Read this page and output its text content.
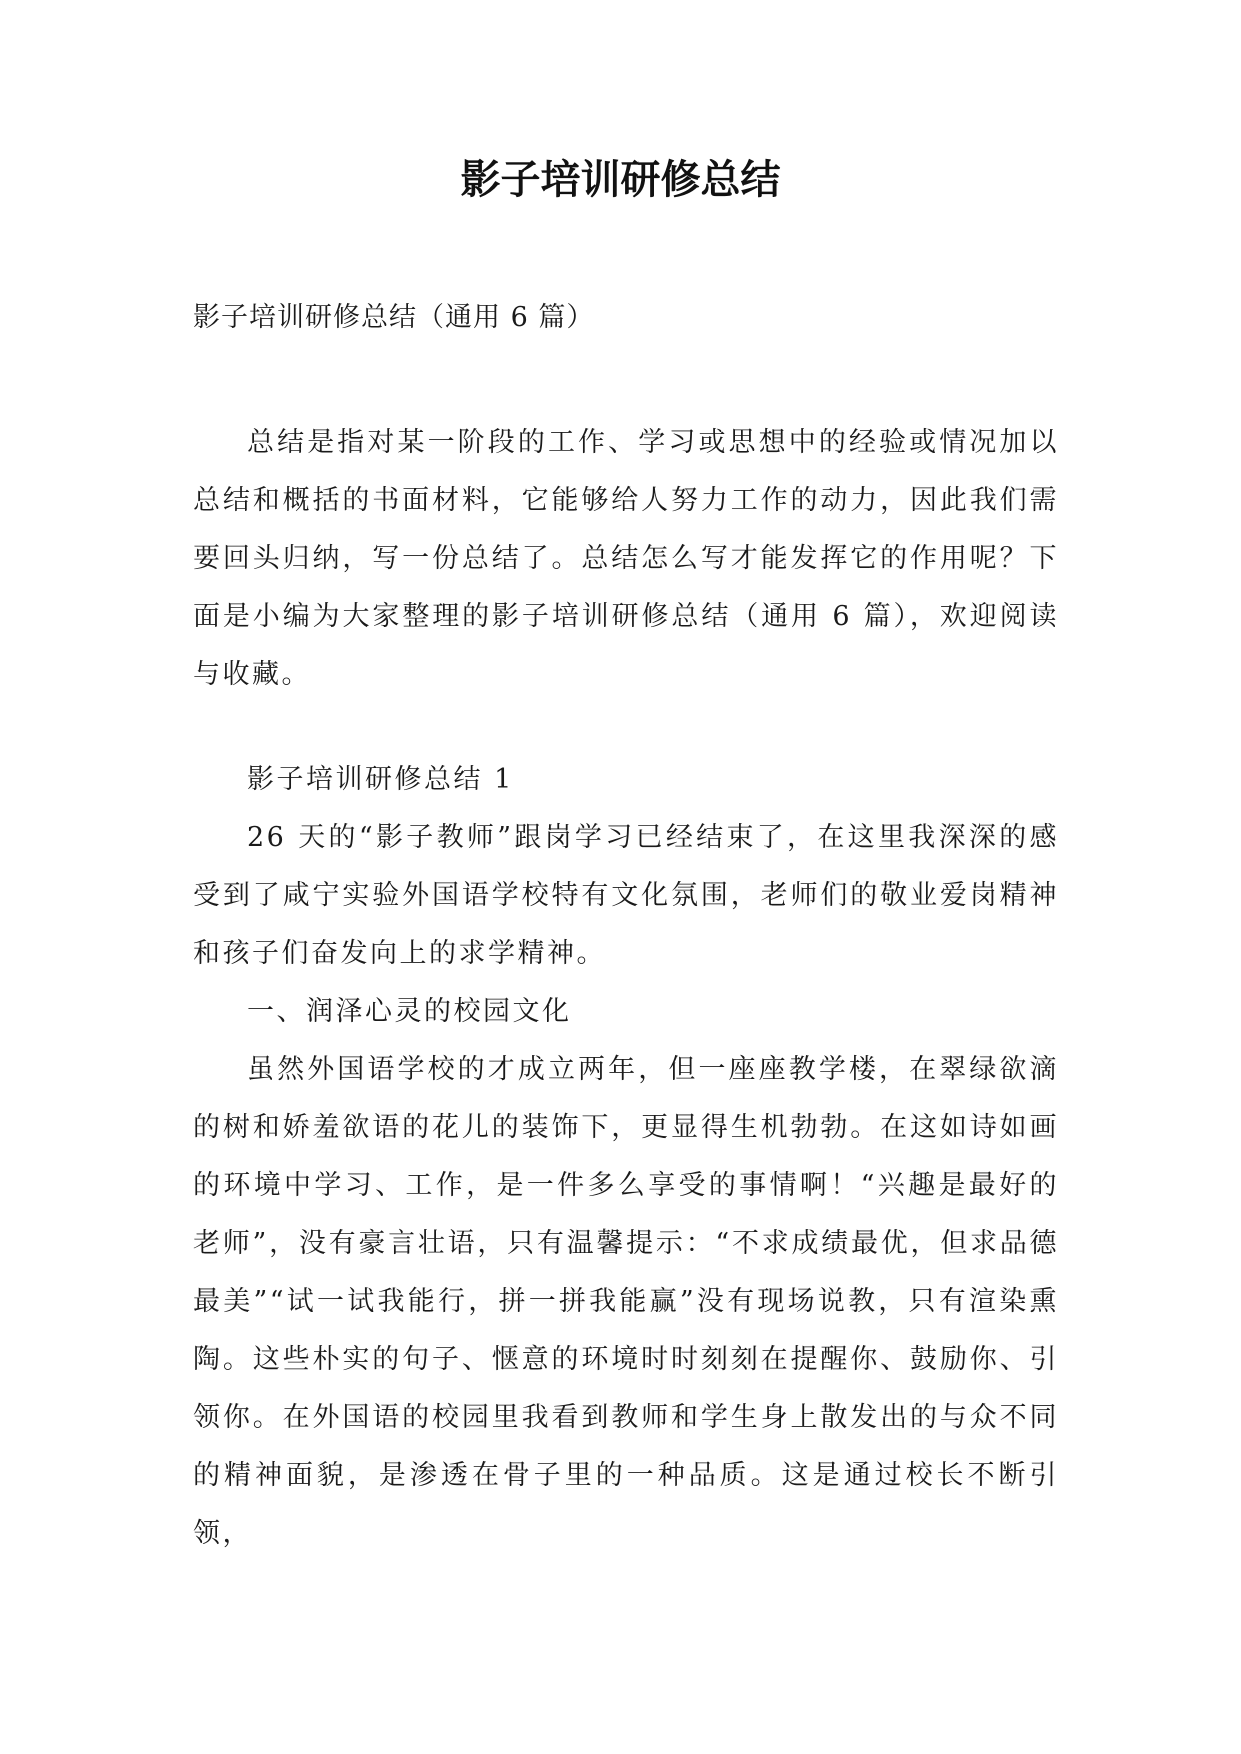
影子培训研修总结
影子培训研修总结（通用 6 篇）

总结是指对某一阶段的工作、学习或思想中的经验或情况加以总结和概括的书面材料，它能够给人努力工作的动力，因此我们需要回头归纳，写一份总结了。总结怎么写才能发挥它的作用呢？下面是小编为大家整理的影子培训研修总结（通用 6 篇），欢迎阅读与收藏。

影子培训研修总结 1

26 天的“影子教师”跟岗学习已经结束了，在这里我深深的感受到了咸宁实验外国语学校特有文化氛围，老师们的敬业爱岗精神和孩子们奋发向上的求学精神。

一、润泽心灵的校园文化

虽然外国语学校的才成立两年，但一座座教学楼，在翠绿欲滴的树和娇羞欲语的花儿的装饰下，更显得生机勃勃。在这如诗如画的环境中学习、工作，是一件多么享受的事情啊！“兴趣是最好的老师”，没有豪言壮语，只有温馨提示：“不求成绩最优，但求品德最美”“试一试我能行，拼一拼我能赢”没有现场说教，只有渲染熏陶。这些朴实的句子、惬意的环境时时刻刻在提醒你、鼓励你、引领你。在外国语的校园里我看到教师和学生身上散发出的与众不同的精神面貌，是渗透在骨子里的一种品质。这是通过校长不断引领，
